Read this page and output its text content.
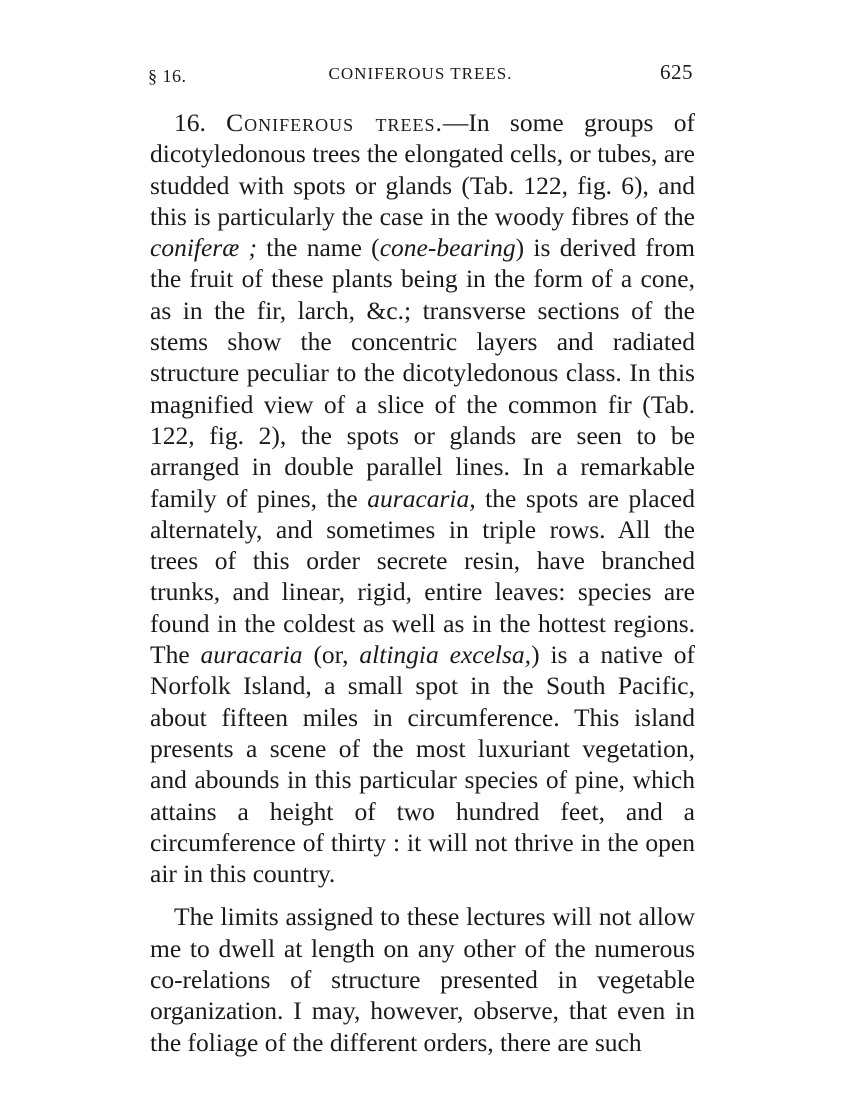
§ 16.	CONIFEROUS TREES.	625

16. Coniferous trees.—In some groups of dicotyledonous trees the elongated cells, or tubes, are studded with spots or glands (Tab. 122, fig. 6), and this is particularly the case in the woody fibres of the coniferæ ; the name (cone-bearing) is derived from the fruit of these plants being in the form of a cone, as in the fir, larch, &c.; transverse sections of the stems show the concentric layers and radiated structure peculiar to the dicotyledonous class. In this magnified view of a slice of the common fir (Tab. 122, fig. 2), the spots or glands are seen to be arranged in double parallel lines. In a remarkable family of pines, the auracaria, the spots are placed alternately, and sometimes in triple rows. All the trees of this order secrete resin, have branched trunks, and linear, rigid, entire leaves: species are found in the coldest as well as in the hottest regions. The auracaria (or, altingia excelsa,) is a native of Norfolk Island, a small spot in the South Pacific, about fifteen miles in circumference. This island presents a scene of the most luxuriant vegetation, and abounds in this particular species of pine, which attains a height of two hundred feet, and a circumference of thirty : it will not thrive in the open air in this country.

The limits assigned to these lectures will not allow me to dwell at length on any other of the numerous co-relations of structure presented in vegetable organization. I may, however, observe, that even in the foliage of the different orders, there are such
